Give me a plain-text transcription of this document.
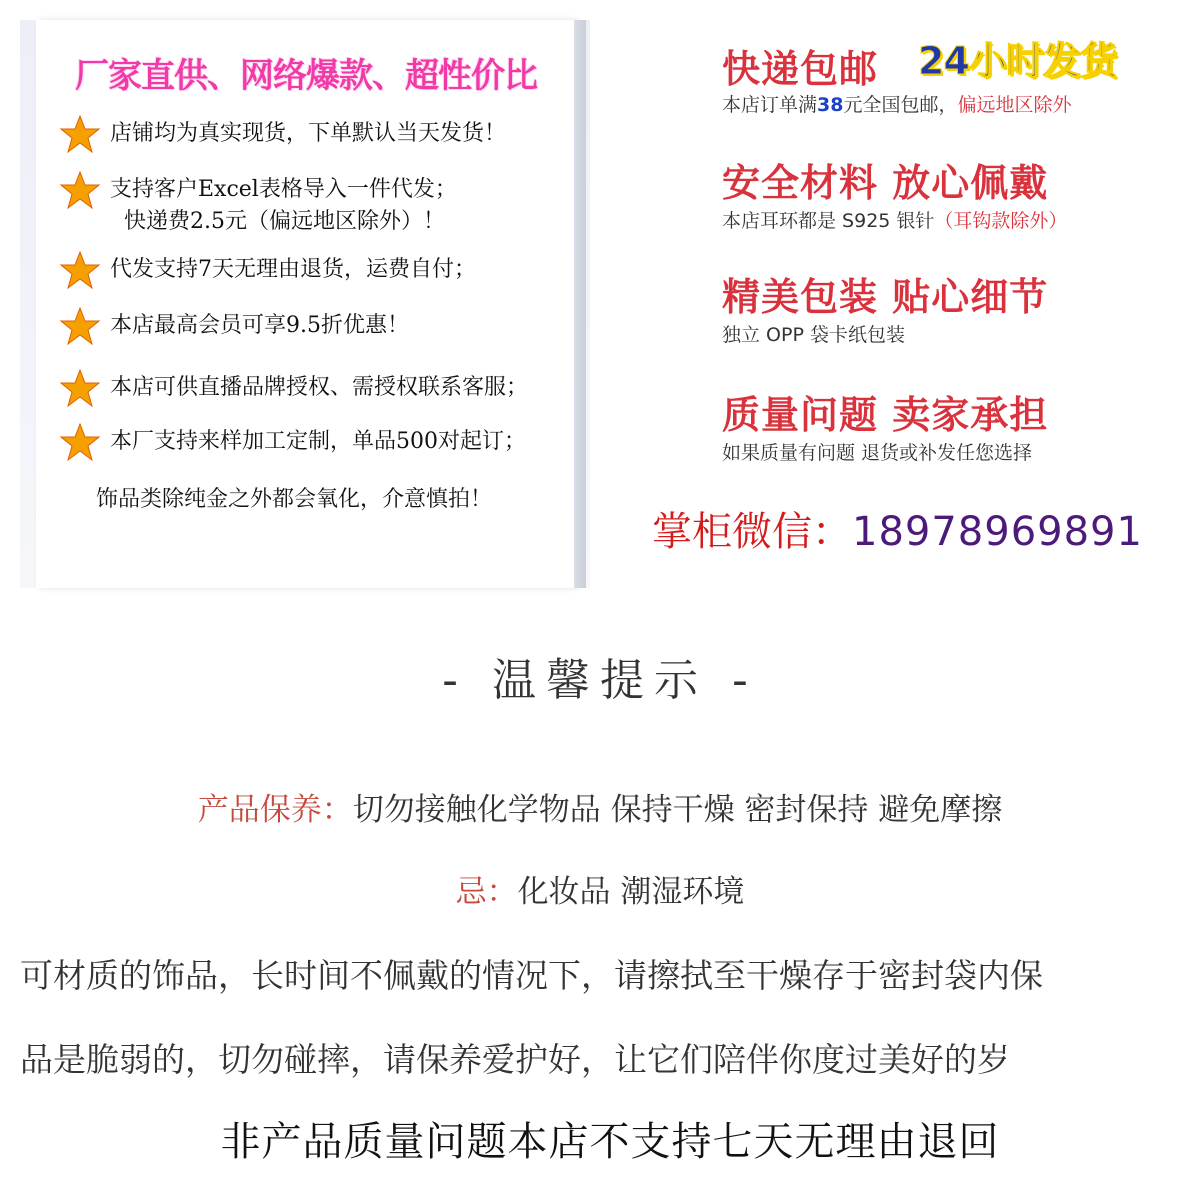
厂家直供、网络爆款、超性价比
店铺均为真实现货，下单默认当天发货！
支持客户Excel表格导入一件代发；
快递费2.5元（偏远地区除外）！
代发支持7天无理由退货，运费自付；
本店最高会员可享9.5折优惠！
本店可供直播品牌授权、需授权联系客服；
本厂支持来样加工定制，单品500对起订；
饰品类除纯金之外都会氧化，介意慎拍！
快递包邮 24小时发货
本店订单满38元全国包邮，偏远地区除外
安全材料 放心佩戴
本店耳环都是 S925 银针（耳钩款除外）
精美包装 贴心细节
独立 OPP 袋卡纸包装
质量问题 卖家承担
如果质量有问题 退货或补发任您选择
掌柜微信：18978969891
- 温馨提示 -
产品保养：切勿接触化学物品 保持干燥 密封保持 避免摩擦
忌：化妆品 潮湿环境
可材质的饰品，长时间不佩戴的情况下，请擦拭至干燥存于密封袋内保
品是脆弱的，切勿碰摔，请保养爱护好，让它们陪伴你度过美好的岁
非产品质量问题本店不支持七天无理由退回
